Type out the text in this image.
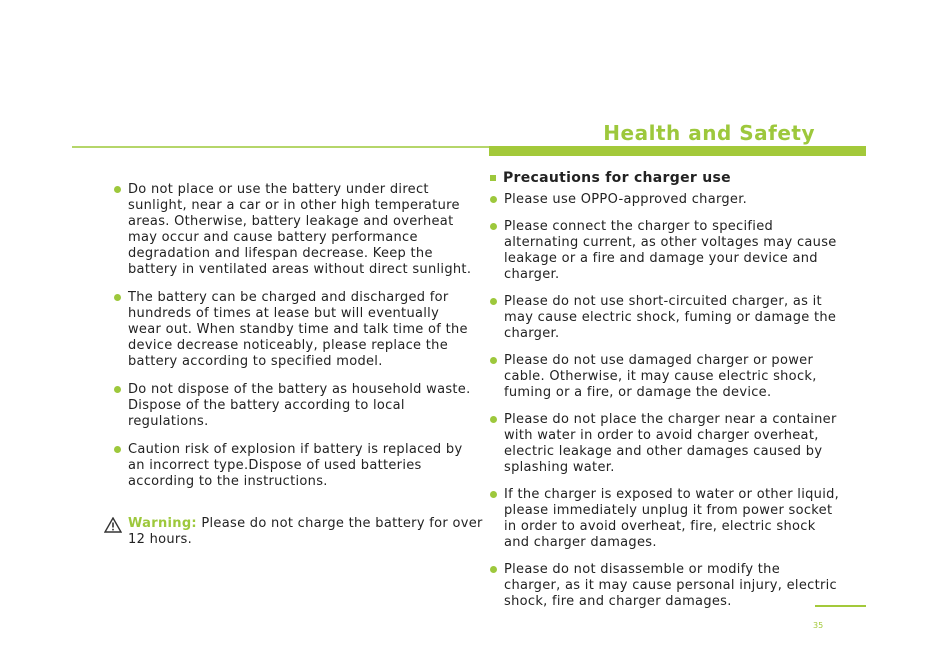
Health and Safety
Do not place or use the battery under direct sunlight, near a car or in other high temperature areas. Otherwise, battery leakage and overheat may occur and cause battery performance degradation and lifespan decrease. Keep the battery in ventilated areas without direct sunlight.
The battery can be charged and discharged for hundreds of times at lease but will eventually wear out. When standby time and talk time of the device decrease noticeably, please replace the battery according to specified model.
Do not dispose of the battery as household waste. Dispose of the battery according to local regulations.
Caution risk of explosion if battery is replaced by an incorrect type.Dispose of used batteries according to the instructions.
Warning: Please do not charge the battery for over 12 hours.
Precautions for charger use
Please use OPPO-approved charger.
Please connect the charger to specified alternating current, as other voltages may cause leakage or a fire and damage your device and charger.
Please do not use short-circuited charger, as it may cause electric shock, fuming or damage the charger.
Please do not use damaged charger or power cable. Otherwise, it may cause electric shock, fuming or a fire, or damage the device.
Please do not place the charger near a container with water in order to avoid charger overheat, electric leakage and other damages caused by splashing water.
If the charger is exposed to water or other liquid, please immediately unplug it from power socket in order to avoid overheat, fire, electric shock and charger damages.
Please do not disassemble or modify the charger, as it may cause personal injury, electric shock, fire and charger damages.
35
